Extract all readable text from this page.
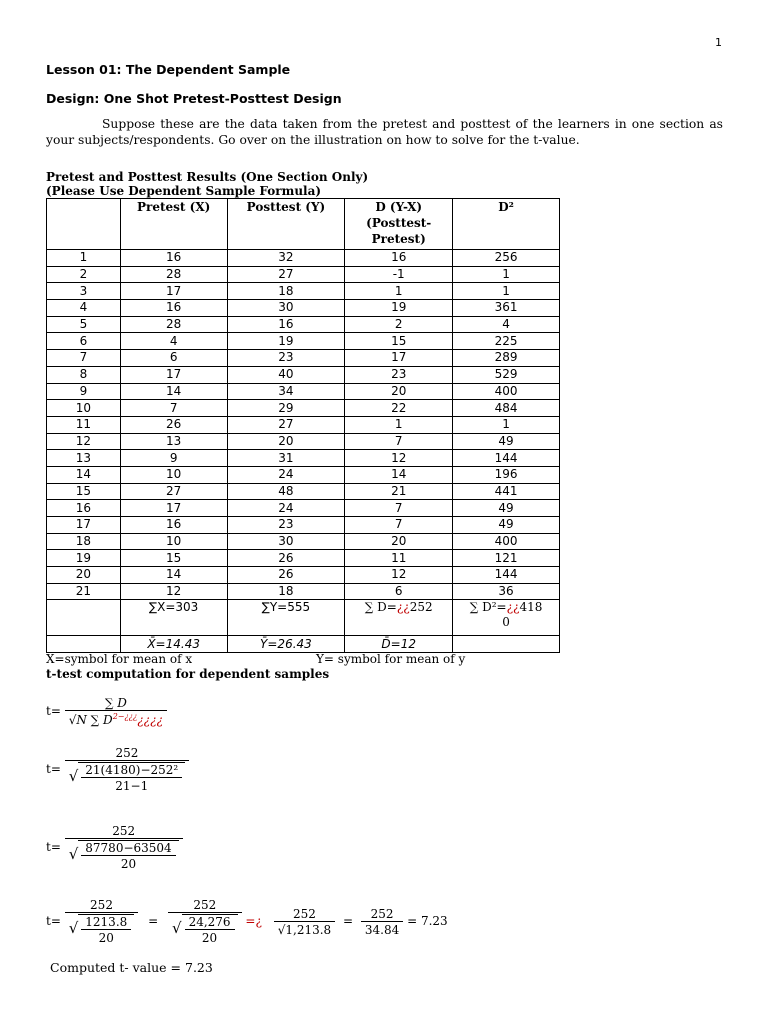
1
Lesson 01: The Dependent Sample
Design: One Shot Pretest-Posttest Design

Suppose these are the data taken from the pretest and posttest of the learners in one section as your subjects/respondents. Go over on the illustration on how to solve for the t-value.

Pretest and Posttest Results (One Section Only)
(Please Use Dependent Sample Formula)
	Pretest (X)	Posttest (Y)	D (Y-X) (Posttest-Pretest)	D²
1	16	32	16	256
2	28	27	-1	1
3	17	18	1	1
4	16	30	19	361
5	28	16	2	4
6	4	19	15	225
7	6	23	17	289
8	17	40	23	529
9	14	34	20	400
10	7	29	22	484
11	26	27	1	1
12	13	20	7	49
13	9	31	12	144
14	10	24	14	196
15	27	48	21	441
16	17	24	7	49
17	16	23	7	49
18	10	30	20	400
19	15	26	11	121
20	14	26	12	144
21	12	18	6	36
	∑X=303	∑Y=555	∑ D=¿¿252	∑ D²=¿¿418
0
	X̄=14.43	Ȳ=26.43	D̄=12	
X̄=symbol for mean of x	Ȳ= symbol for mean of y
t-test computation for dependent samples
$t= \frac{\sum D}{√N \sum D^{2-¿¿¿}¿¿¿¿}$
$t= \frac{252}{√ \frac{\text{21(4180)−252²}}{21-1}}$
$t= \frac{252}{√ \frac{87780-63504}{20}}$
$t= \frac{252}{√ \frac{1213.8}{20}} = \frac{252}{√ \frac{24,276}{20}}$ =¿ $\frac{252}{√1,213.8} = \frac{252}{34.84} = 7.23$
Computed t- value = 7.23
